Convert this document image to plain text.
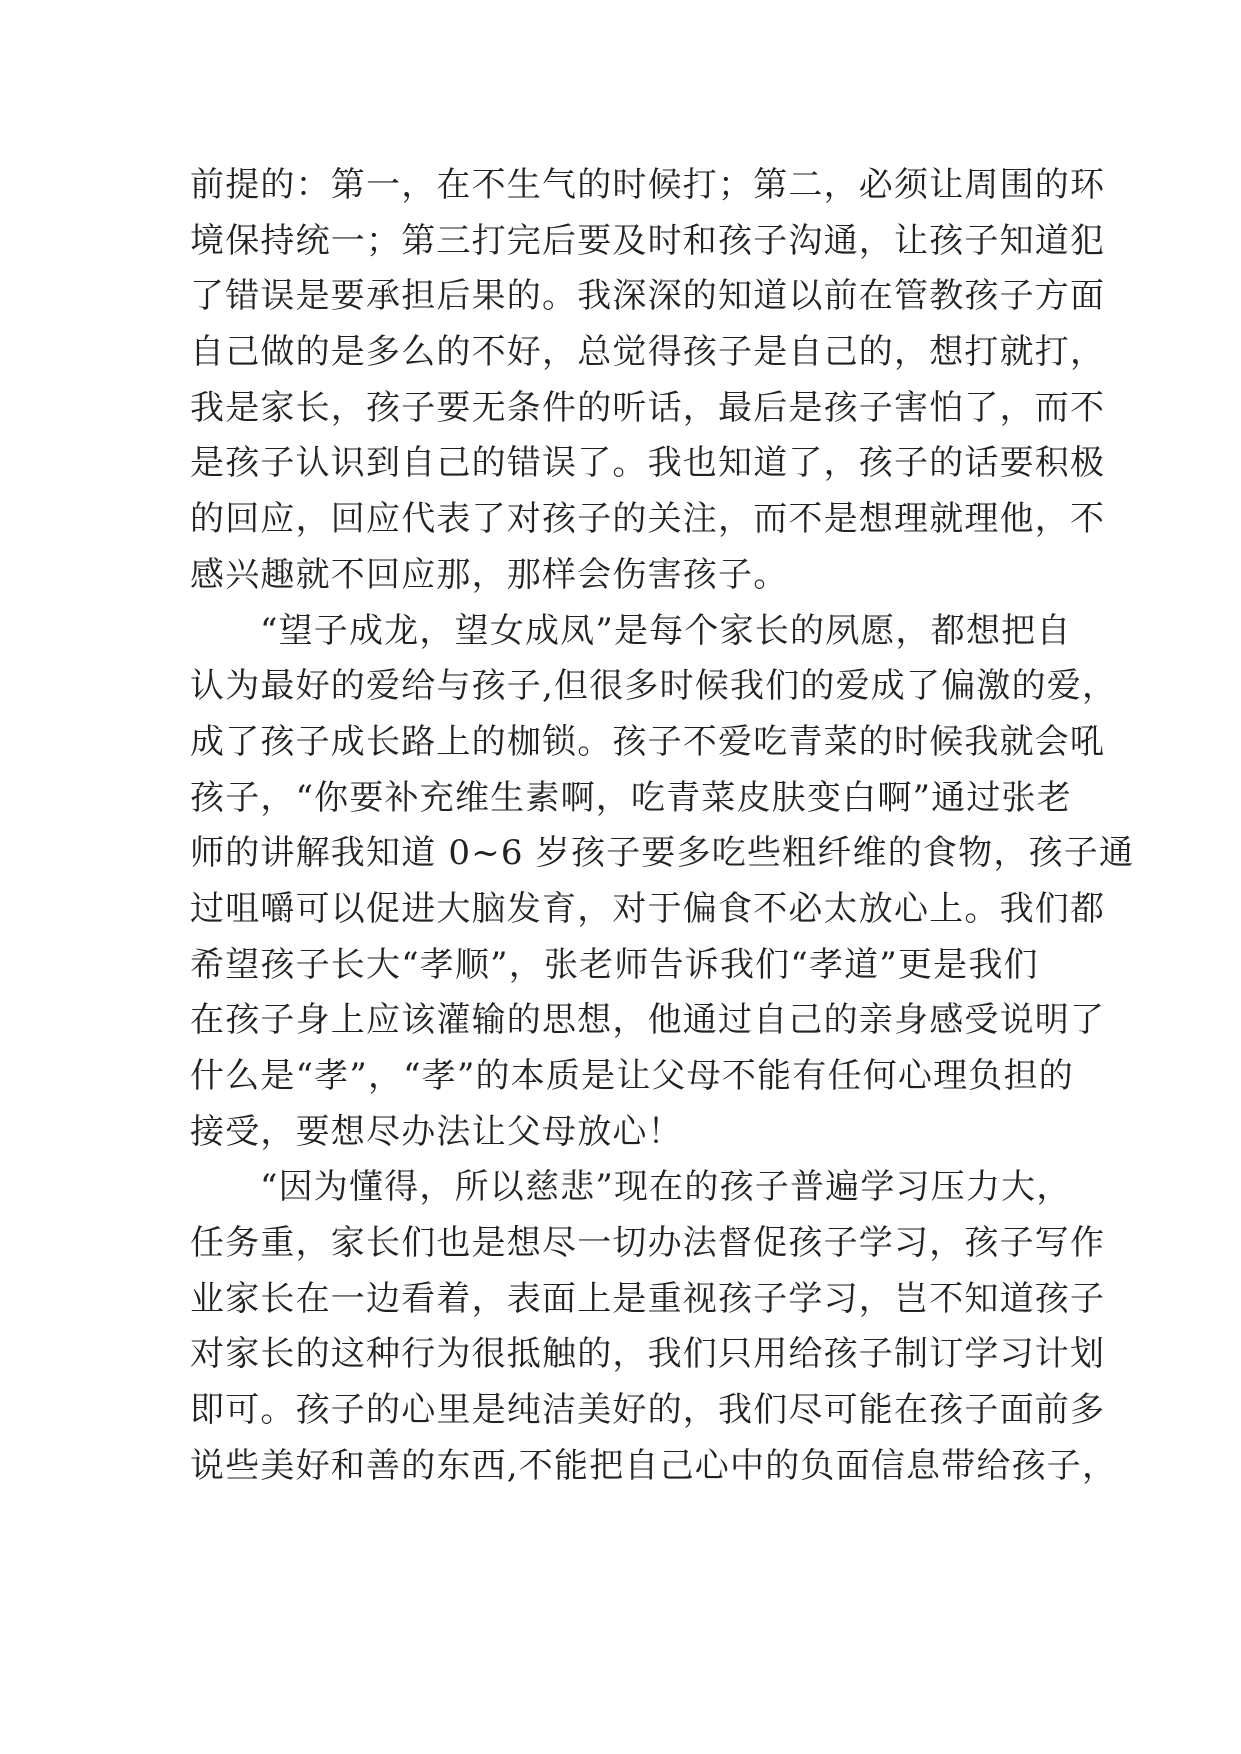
前提的：第一，在不生气的时候打；第二，必须让周围的环
境保持统一；第三打完后要及时和孩子沟通，让孩子知道犯
了错误是要承担后果的。我深深的知道以前在管教孩子方面
自己做的是多么的不好，总觉得孩子是自己的，想打就打，
我是家长，孩子要无条件的听话，最后是孩子害怕了，而不
是孩子认识到自己的错误了。我也知道了，孩子的话要积极
的回应，回应代表了对孩子的关注，而不是想理就理他，不
感兴趣就不回应那，那样会伤害孩子。
“望子成龙，望女成凤”是每个家长的夙愿，都想把自
认为最好的爱给与孩子,但很多时候我们的爱成了偏激的爱，
成了孩子成长路上的枷锁。孩子不爱吃青菜的时候我就会吼
孩子，“你要补充维生素啊，吃青菜皮肤变白啊”通过张老
师的讲解我知道 0~6 岁孩子要多吃些粗纤维的食物，孩子通
过咀嚼可以促进大脑发育，对于偏食不必太放心上。我们都
希望孩子长大“孝顺”，张老师告诉我们“孝道”更是我们
在孩子身上应该灌输的思想，他通过自己的亲身感受说明了
什么是“孝”，“孝”的本质是让父母不能有任何心理负担的
接受，要想尽办法让父母放心！
“因为懂得，所以慈悲”现在的孩子普遍学习压力大，
任务重，家长们也是想尽一切办法督促孩子学习，孩子写作
业家长在一边看着，表面上是重视孩子学习，岂不知道孩子
对家长的这种行为很抵触的，我们只用给孩子制订学习计划
即可。孩子的心里是纯洁美好的，我们尽可能在孩子面前多
说些美好和善的东西,不能把自己心中的负面信息带给孩子，
